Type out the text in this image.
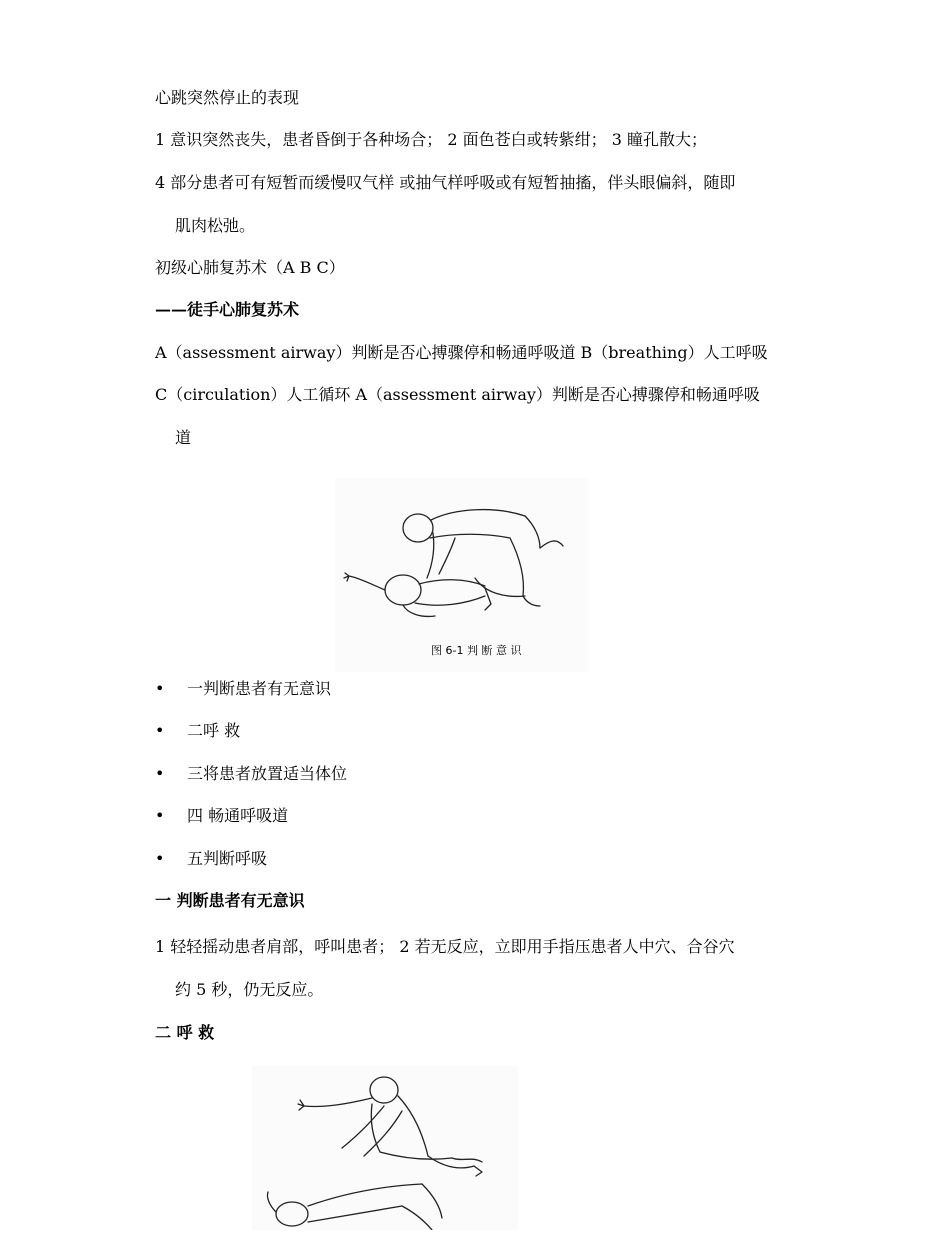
心跳突然停止的表现
1 意识突然丧失，患者昏倒于各种场合； 2 面色苍白或转紫绀； 3 瞳孔散大；
4 部分患者可有短暂而缓慢叹气样 或抽气样呼吸或有短暂抽搐，伴头眼偏斜，随即
肌肉松弛。
初级心肺复苏术（A B C）
——徒手心肺复苏术
A（assessment airway）判断是否心搏骤停和畅通呼吸道 B（breathing）人工呼吸
C（circulation）人工循环 A（assessment airway）判断是否心搏骤停和畅通呼吸
道
图 6-1 判 断 意 识
• 一判断患者有无意识
• 二呼 救
• 三将患者放置适当体位
• 四 畅通呼吸道
• 五判断呼吸
一 判断患者有无意识
1 轻轻摇动患者肩部，呼叫患者； 2 若无反应，立即用手指压患者人中穴、合谷穴
约 5 秒，仍无反应。
二 呼 救
